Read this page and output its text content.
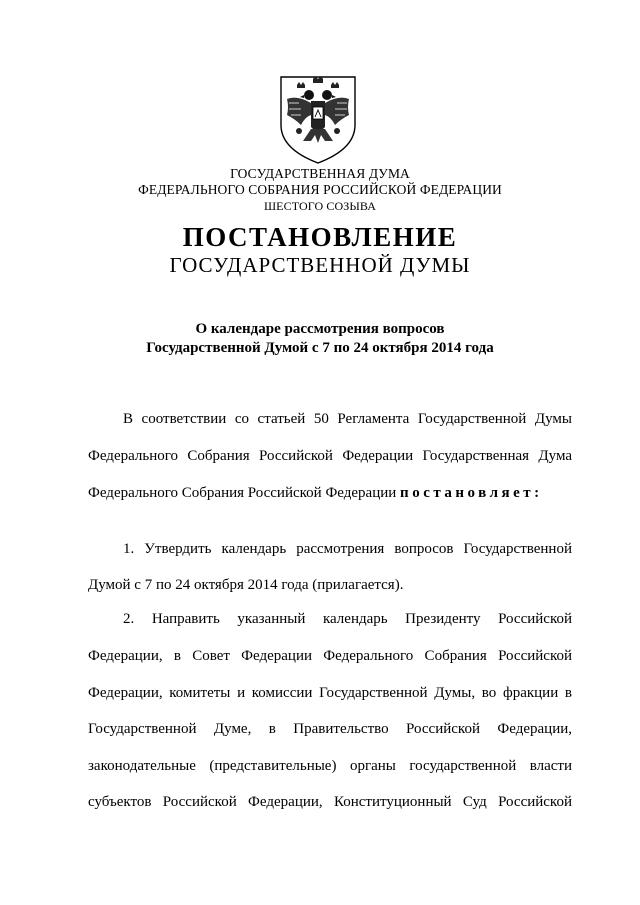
ГОСУДАРСТВЕННАЯ ДУМА
ФЕДЕРАЛЬНОГО СОБРАНИЯ РОССИЙСКОЙ ФЕДЕРАЦИИ
ШЕСТОГО СОЗЫВА
ПОСТАНОВЛЕНИЕ
ГОСУДАРСТВЕННОЙ ДУМЫ
О календаре рассмотрения вопросов
Государственной Думой с 7 по 24 октября 2014 года
В соответствии со статьей 50 Регламента Государственной Думы
Федерального Собрания Российской Федерации Государственная Дума
Федерального Собрания Российской Федерации постановляет:
1. Утвердить календарь рассмотрения вопросов Государственной
Думой с 7 по 24 октября 2014 года (прилагается).
2. Направить указанный календарь Президенту Российской
Федерации, в Совет Федерации Федерального Собрания Российской
Федерации, комитеты и комиссии Государственной Думы, во фракции в
Государственной Думе, в Правительство Российской Федерации,
законодательные (представительные) органы государственной власти
субъектов Российской Федерации, Конституционный Суд Российской
